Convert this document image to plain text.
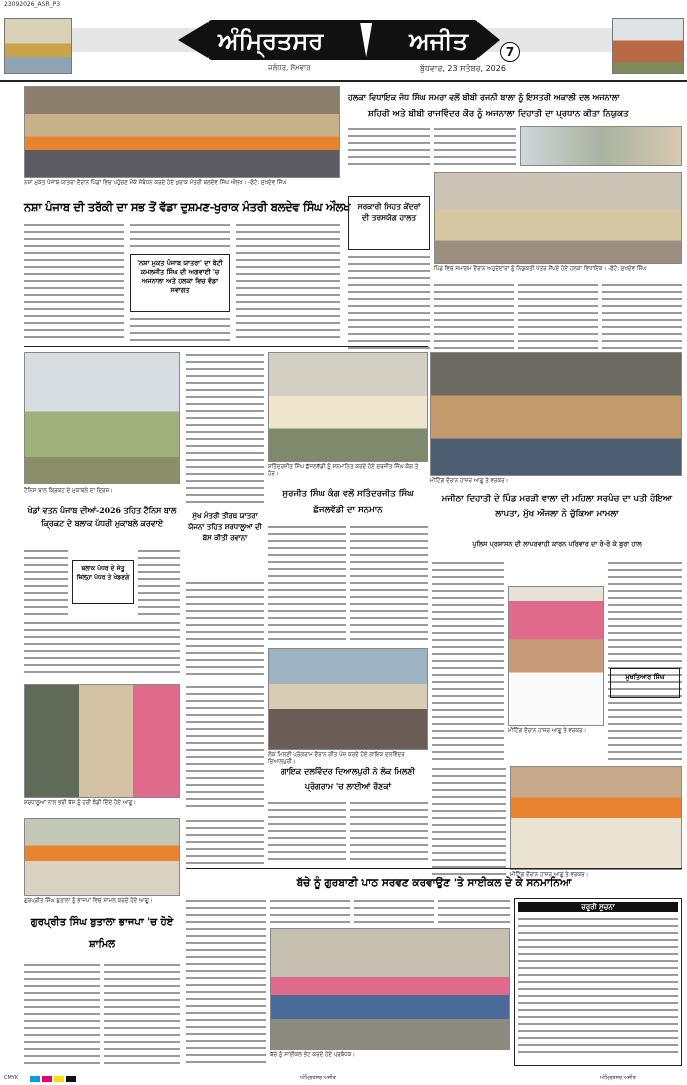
23092026_ASR_P3
ਅੰਮ੍ਰਿਤਸਰ	ਅਜੀਤ	7
ਜਲੰਧਰ, ਸੋਮਵਾਰ	ਬੁੱਧਵਾਰ, 23 ਸਤੰਬਰ, 2026
ਨਸ਼ਾ ਮੁਕਤ ਪੰਜਾਬ ਯਾਤਰਾ ਦੌਰਾਨ ਪਿੰਡਾਂ ਵਿਚ ਪਹੁੰਚਣ ਮੌਕੇ ਸੰਬੋਧਨ ਕਰਦੇ ਹੋਏ ਖੁਰਾਕ ਮੰਤਰੀ ਬਲਦੇਵ ਸਿੰਘ ਔਲਖ। -ਫੋਟੋ: ਸੁਖਦੇਵ ਸਿੰਘ
ਨਸ਼ਾ ਪੰਜਾਬ ਦੀ ਤਰੱਕੀ ਦਾ ਸਭ ਤੋਂ ਵੱਡਾ ਦੁਸ਼ਮਣ-ਖੁਰਾਕ ਮੰਤਰੀ ਬਲਦੇਵ ਸਿੰਘ ਔਲਖ
'ਨਸ਼ਾ ਮੁਕਤ ਪੰਜਾਬ ਯਾਤਰਾ' ਦਾ ਬੇਟੀ ਕਮਲਜੀਤ ਸਿੰਘ ਦੀ ਅਗਵਾਈ 'ਚ ਅਜਨਾਲਾ ਅਤੇ ਹਲਕਾ ਵਿਚ ਵੱਡਾ ਸਵਾਗਤ
ਹਲਕਾ ਵਿਧਾਇਕ ਜੋਧ ਸਿੰਘ ਸਮਰਾ ਵਲੋਂ ਬੀਬੀ ਰਜਨੀ ਬਾਲਾ ਨੂੰ ਇਸਤਰੀ ਅਕਾਲੀ ਦਲ ਅਜਨਾਲਾ
ਸ਼ਹਿਰੀ ਅਤੇ ਬੀਬੀ ਰਾਜਵਿੰਦਰ ਕੌਰ ਨੂੰ ਅਜਨਾਲਾ ਦਿਹਾਤੀ ਦਾ ਪ੍ਰਧਾਨ ਕੀਤਾ ਨਿਯੁਕਤ
ਸਰਕਾਰੀ ਸਿਹਤ ਕੇਂਦਰਾਂ ਦੀ ਤਰਸਯੋਗ ਹਾਲਤ
ਪਿੰਡ ਵਿਚ ਸਮਾਗਮ ਦੌਰਾਨ ਅਹੁਦੇਦਾਰਾਂ ਨੂੰ ਨਿਯੁਕਤੀ ਪੱਤਰ ਸੌਂਪਦੇ ਹੋਏ ਹਲਕਾ ਵਿਧਾਇਕ। -ਫੋਟੋ: ਸੁਖਦੇਵ ਸਿੰਘ
ਮੀਟਿੰਗ ਦੌਰਾਨ ਹਾਜ਼ਰ ਆਗੂ ਤੇ ਵਰਕਰ।
ਟੈਨਿਸ ਬਾਲ ਕ੍ਰਿਕਟ ਦੇ ਮੁਕਾਬਲੇ ਦਾ ਦ੍ਰਿਸ਼।
ਖੇਡਾਂ ਵਤਨ ਪੰਜਾਬ ਦੀਆਂ-2026 ਤਹਿਤ ਟੈਨਿਸ ਬਾਲ ਕ੍ਰਿਕਟ ਦੇ ਬਲਾਕ ਪੱਧਰੀ ਮੁਕਾਬਲੇ ਕਰਵਾਏ
ਬਲਾਕ ਪੱਧਰ ਦੇ ਜੇਤੂ ਜ਼ਿਲ੍ਹਾ ਪੱਧਰ ਤੇ ਖੇਡਣਗੇ
ਸਤਿੰਦਰਜੀਤ ਸਿੰਘ ਛੱਜਲਵੱਡੀ ਨੂੰ ਸਨਮਾਨਿਤ ਕਰਦੇ ਹੋਏ ਸੁਰਜੀਤ ਸਿੰਘ ਕੰਗ ਤੇ ਹੋਰ।
ਸੁਰਜੀਤ ਸਿੰਘ ਕੰਗ ਵਲੋਂ ਸਤਿੰਦਰਜੀਤ ਸਿੰਘ ਛੱਜਲਵੱਡੀ ਦਾ ਸਨਮਾਨ
ਮੁੱਖ ਮੰਤਰੀ ਤੀਰਥ ਯਾਤਰਾ ਯੋਜਨਾ ਤਹਿਤ ਸ਼ਰਧਾਲੂਆਂ ਦੀ ਬੱਸ ਕੀਤੀ ਰਵਾਨਾ
ਲੋਕ ਮਿਲਣੀ ਪ੍ਰੋਗਰਾਮ ਦੌਰਾਨ ਗੀਤ ਪੇਸ਼ ਕਰਦੇ ਹੋਏ ਗਾਇਕ ਦਲਵਿੰਦਰ ਦਿਆਲਪੁਰੀ।
ਗਾਇਕ ਦਲਵਿੰਦਰ ਦਿਆਲਪੁਰੀ ਨੇ ਲੋਕ ਮਿਲਣੀ ਪ੍ਰੋਗਰਾਮ 'ਚ ਲਾਈਆਂ ਰੌਣਕਾਂ
ਸ਼ਰਧਾਲੂਆਂ ਨਾਲ ਭਰੀ ਬੱਸ ਨੂੰ ਹਰੀ ਝੰਡੀ ਦਿੰਦੇ ਹੋਏ ਆਗੂ।
ਗੁਰਪ੍ਰੀਤ ਸਿੰਘ ਬੁਤਾਲਾ ਨੂੰ ਭਾਜਪਾ ਵਿਚ ਸ਼ਾਮਲ ਕਰਦੇ ਹੋਏ ਆਗੂ।
ਮਜੀਠਾ ਦਿਹਾਤੀ ਦੇ ਪਿੰਡ ਮਰੜੀ ਵਾਲਾ ਦੀ ਮਹਿਲਾ ਸਰਪੰਚ ਦਾ ਪਤੀ ਹੋਇਆ ਲਾਪਤਾ, ਮੁੱਖ ਔਜਲਾ ਨੇ ਚੁੱਕਿਆ ਮਾਮਲਾ
ਪੁਲਿਸ ਪ੍ਰਸ਼ਾਸਨ ਦੀ ਲਾਪਰਵਾਹੀ ਕਾਰਨ ਪਰਿਵਾਰ ਦਾ ਰੋ-ਰੋ ਕੇ ਬੁਰਾ ਹਾਲ
ਮੀਟਿੰਗ ਦੌਰਾਨ ਹਾਜ਼ਰ ਆਗੂ ਤੇ ਵਰਕਰ।
ਮੁਖਤਿਆਰ ਸਿੰਘ
ਮੀਟਿੰਗ ਦੌਰਾਨ ਹਾਜ਼ਰ ਆਗੂ ਤੇ ਵਰਕਰ।
ਬੱਚੇ ਨੂੰ ਗੁਰਬਾਣੀ ਪਾਠ ਸਰਵਣ ਕਰਵਾਉਣ 'ਤੇ ਸਾਈਕਲ ਦੇ ਕੇ ਸਨਮਾਨਿਆ
ਗੁਰਪ੍ਰੀਤ ਸਿੰਘ ਬੁਤਾਲਾ ਭਾਜਪਾ 'ਚ ਹੋਏ ਸ਼ਾਮਿਲ
ਬੱਚੇ ਨੂੰ ਸਾਈਕਲ ਭੇਟ ਕਰਦੇ ਹੋਏ ਪ੍ਰਬੰਧਕ।
ਜ਼ਰੂਰੀ ਸੂਚਨਾ
CMYK	ਅੰਮ੍ਰਿਤਸਰ ਅਜੀਤ	ਅੰਮ੍ਰਿਤਸਰ ਅਜੀਤ
